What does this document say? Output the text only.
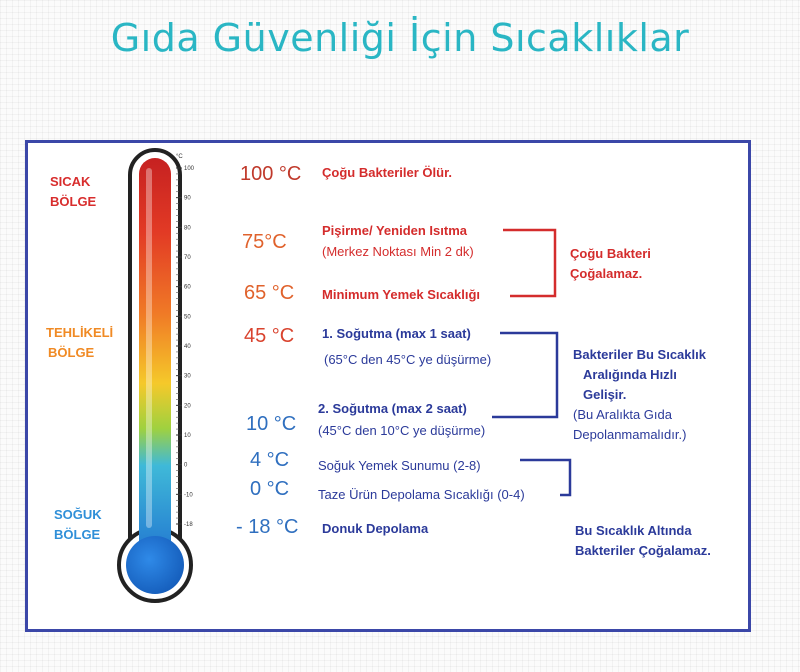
Gıda Güvenliği İçin Sıcaklıklar
°C
100
90
80
70
60
50
40
30
20
10
0
-10
-18
SICAK
BÖLGE
TEHLİKELİ
BÖLGE
SOĞUK
BÖLGE
100 °C
75°C
65 °C
45 °C
10 °C
4 °C
0 °C
- 18 °C
Çoğu Bakteriler Ölür.
Pişirme/ Yeniden Isıtma
(Merkez Noktası Min 2 dk)
Minimum Yemek Sıcaklığı
1. Soğutma (max 1 saat)
(65°C den 45°C ye düşürme)
2. Soğutma (max 2 saat)
(45°C den 10°C ye düşürme)
Soğuk Yemek Sunumu (2-8)
Taze Ürün Depolama Sıcaklığı (0-4)
Donuk Depolama
Çoğu Bakteri
Çoğalamaz.
Bakteriler Bu Sıcaklık
Aralığında Hızlı
Gelişir.
(Bu Aralıkta Gıda
Depolanmamalıdır.)
Bu Sıcaklık Altında
Bakteriler Çoğalamaz.
